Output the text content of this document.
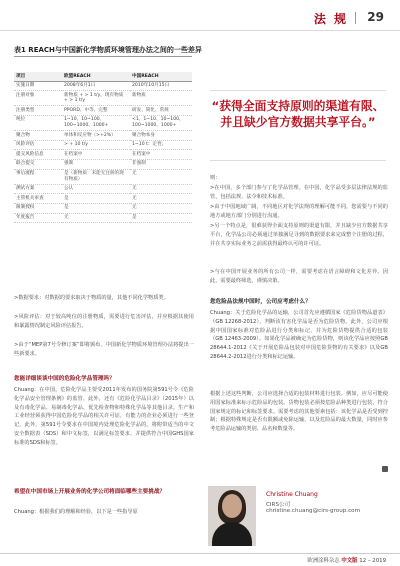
法 规 29
表1 REACH与中国新化学物质环境管理办法之间的一些差异
项目	欧盟REACH	中国REACH
实施日期	2008年6月1日	2010年10月15日
注册对象	新物质 + > 1 t/y，现有物质 + > 1 t/y	新物质
注册类型	PPORD、中等、完整	研发、简化、常规
吨位	1~10、10~100、100~1000、1000+	<1、1~10、10~100、100~1000、1000+
聚合物	单体和反应物（>+2%）	聚合物本身
风险评估	> + 10 t/y	1~10 t：定性；
提交风险信息	在档案中	在档案中
联合提交	强制	非强制
事后流程	是（新物质：未能无注册的现有物质）	无
测试方案	公认	无
主管机关审查	是	无
限制授权	是	无
年度报告	无	是
>数据要求：对数据的要求取决于物质的量，其他不同化学物质类。
>风险评估：对于较高吨位的注册物质，需要进行危害评估，并应根据其使用和暴露情况制定风险评估报告。
>由于“MEP第7号令修订案”即将颁布，中国新化学物质环境管理办法将提出一些新要求。
您能详细谈谈中国的危险化学品管理吗？
Chuang：在中国，危险化学品主要受2011年发布的国务院第591号令《危险化学品安全管理条例》的监管。此外，还有《危险化学品目录》（2015年）以及有毒化学品、易制毒化学品、优先检查物和特殊化学品等其他目录。生产和工业经营须获得中国危险化学品的相关许可证，有能力的企业必须进行一些登记。此外，第591号令要求在中国境内处理危险化学品的，将附带适当的中文安全数据表（SDS）和中文标签，以满足标签要求，并提供符合中国GHS国家标准的SDS和标签。
希望在中国市场上开展业务的化学公司将面临哪些主要挑战？
Chuang：根据我们的理解和经验，以下是一些指导原
“获得全面支持原则的渠道有限、并且缺少官方数据共享平台。”
则：
>在中国，多个部门参与了化学品管理。在中国，化学品受多层法律法规的监管，包括法规、法令和技术标准。
>由于中国地域广阔，不同地区对化学法规的理解可能不同，您需要与不同的地方或地方部门分别进行沟通。
>另一个特点是，很难获得全面支持原则的渠道有限，并且缺少官方数据共享平台，化学品公司必须通过单独满足寻到的数据要求来完成整个注册的过程，并在共享实际业务之前需获得最终认可的许可证。
>与在中国开展业务的所有公司一样，需要考虑在语言障碍和文化差异。因此，需要最终筛选，谨慎决策。
您危险品法规中国时，公司应考虑什么？
Chuang：关于危险化学品的运输，公司首先应遵循国家《危险货物品道表》（GB 12268-2012），判断该有害化学品是否为危险货物。此外，公司应根据中国国家标准对危险品进行分类和标记，并为危险货物提供合适的包装（GB 12463-2009）。如果化学品被确定为危险货物，则该化学品应按照GB 28644.1-2012《关于开展危险品包装对中国危险货物的有关要求》以及GB 28644.2-2012进行分类和标记运输。
根据上述这些判断，公司应选择合适的包装材料进行包装。例如，应尽可能使用国家标准来标示危险品的包装。货物包装必须按危险品种类进行包装，符合国家规定的标记和标签要求。需要考虑的其他要素包括：该化学品是否受到控制；根据特殊规定是否有限额或免除运输，以及危险品的最大数量，同时应参考危险品运输的类别、品名和数量等。
Christine Chuang
CIRS公司
christine.chuang@cirs-group.com
欧洲涂料杂志 中文版 12 – 2019
